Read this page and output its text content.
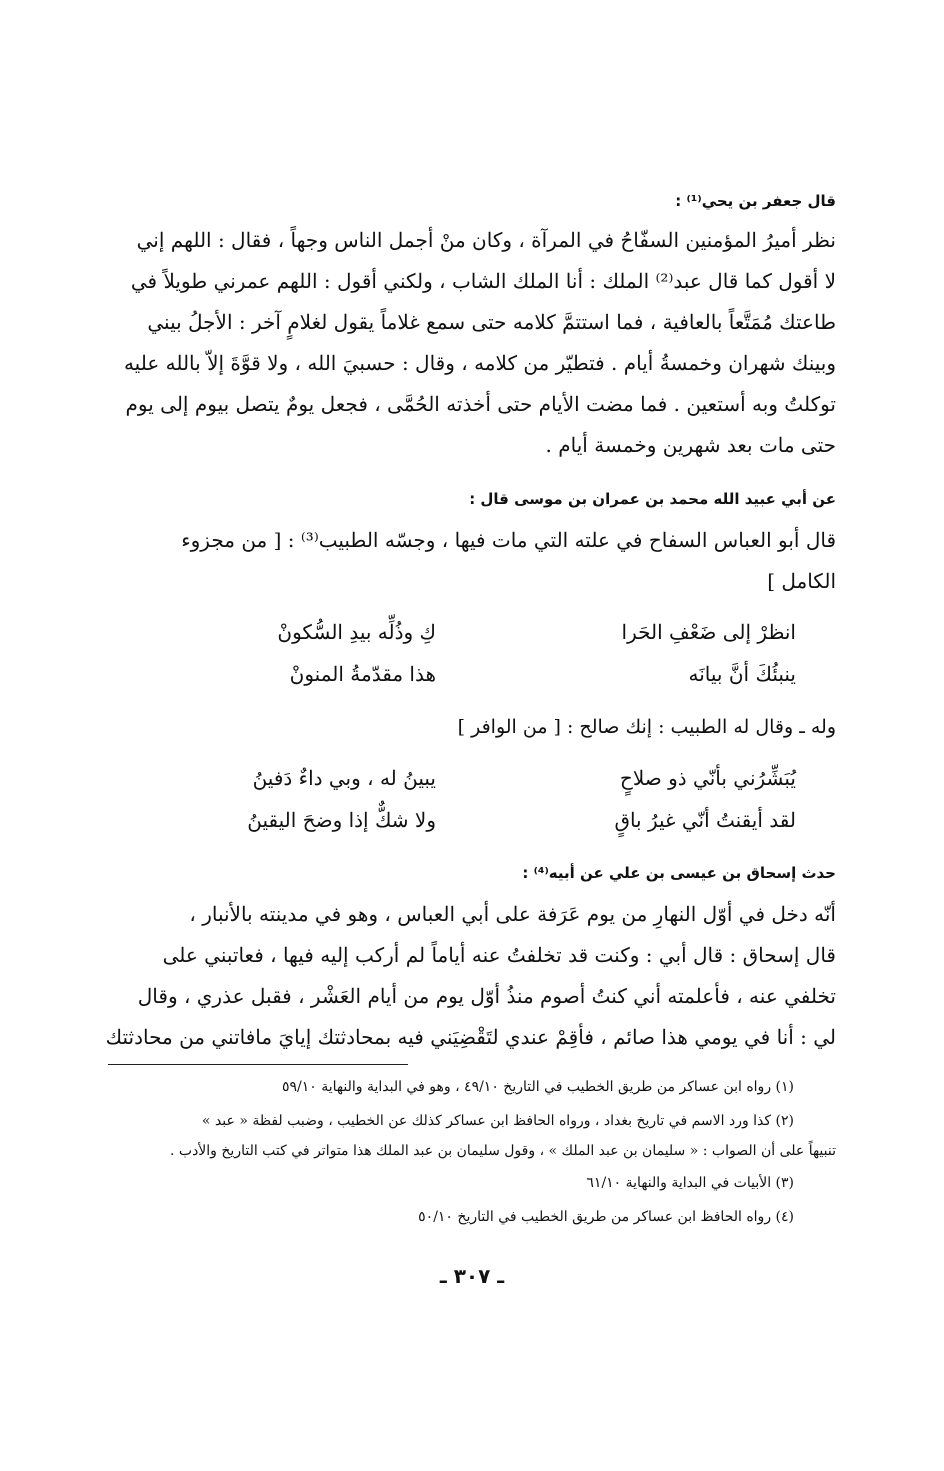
قال جعفر بن يحي⁽¹⁾ :
نظر أميرُ المؤمنين السفّاحُ في المرآة ، وكان منْ أجمل الناس وجهاً ، فقال : اللهم إني
لا أقول كما قال عبد⁽²⁾ الملك : أنا الملك الشاب ، ولكني أقول : اللهم عمرني طويلاً في
طاعتك مُمَتَّعاً بالعافية ، فما استتمَّ كلامه حتى سمع غلاماً يقول لغلامٍ آخر : الأجلُ بيني
وبينك شهران وخمسةُ أيام . فتطيّر من كلامه ، وقال : حسبيَ الله ، ولا قوَّةَ إلاّ بالله عليه
توكلتُ وبه أستعين . فما مضت الأيام حتى أخذته الحُمَّى ، فجعل يومٌ يتصل بيوم إلى يوم
حتى مات بعد شهرين وخمسة أيام .
عن أبي عبيد الله محمد بن عمران بن موسى قال :
قال أبو العباس السفاح في علته التي مات فيها ، وجسّه الطبيب⁽³⁾ : [ من مجزوء
الكامل ]
انظرْ إلى ضَعْفِ الحَرا
كِ وذُلِّه بيدِ السُّكونْ
ينبئُكَ أنَّ بيانَه
هذا مقدّمةُ المنونْ
وله ـ وقال له الطبيب : إنك صالح : [ من الوافر ]
يُبَشِّرُني بأنّي ذو صلاحٍ
يبينُ له ، وبي داءٌ دَفينُ
لقد أيقنتُ أنّي غيرُ باقٍ
ولا شكٌّ إذا وضحَ اليقينُ
حدث إسحاق بن عيسى بن علي عن أبيه⁽⁴⁾ :
أنّه دخل في أوّل النهارِ من يوم عَرَفة على أبي العباس ، وهو في مدينته بالأنبار ،
قال إسحاق : قال أبي : وكنت قد تخلفتُ عنه أياماً لم أركب إليه فيها ، فعاتبني على
تخلفي عنه ، فأعلمته أني كنتُ أصوم منذُ أوّل يوم من أيام العَشْر ، فقبل عذري ، وقال
لي : أنا في يومي هذا صائم ، فأقِمْ عندي لتَقْضِيَني فيه بمحادثتك إيايَ مافاتني من محادثتك
(١) رواه ابن عساكر من طريق الخطيب في التاريخ ٤٩/١٠ ، وهو في البداية والنهاية ٥٩/١٠
(٢) كذا ورد الاسم في تاريخ بغداد ، ورواه الحافظ ابن عساكر كذلك عن الخطيب ، وضبب لفظة « عبد »
تنبيهاً على أن الصواب : « سليمان بن عبد الملك » ، وقول سليمان بن عبد الملك هذا متواتر في كتب التاريخ والأدب .
(٣) الأبيات في البداية والنهاية ٦١/١٠
(٤) رواه الحافظ ابن عساكر من طريق الخطيب في التاريخ ٥٠/١٠
ـ ٣٠٧ ـ
